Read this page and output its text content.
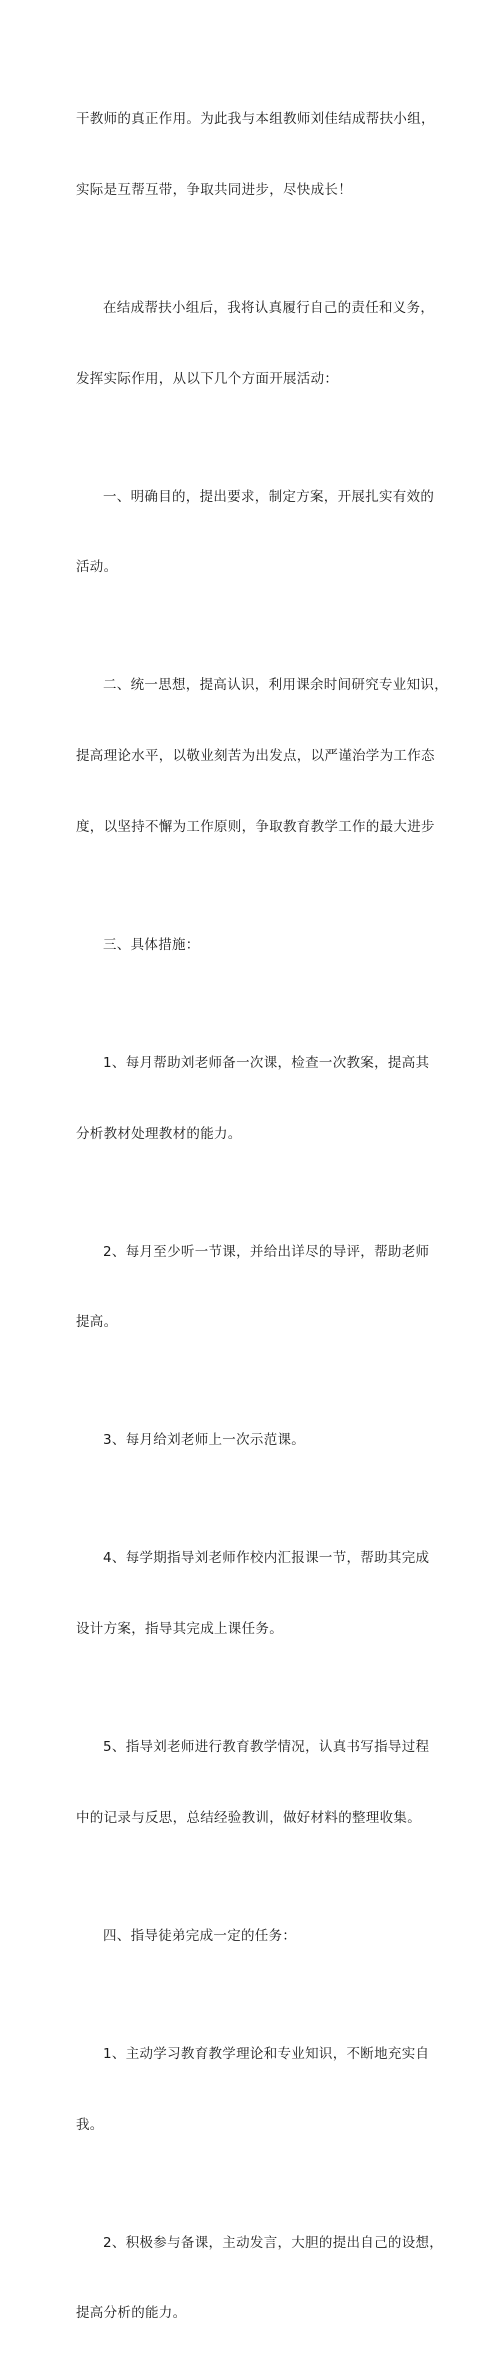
干教师的真正作用。为此我与本组教师刘佳结成帮扶小组，

实际是互帮互带，争取共同进步，尽快成长！

在结成帮扶小组后，我将认真履行自己的责任和义务，

发挥实际作用，从以下几个方面开展活动：

一、明确目的，提出要求，制定方案，开展扎实有效的

活动。

二、统一思想，提高认识，利用课余时间研究专业知识，

提高理论水平，以敬业刻苦为出发点，以严谨治学为工作态

度，以坚持不懈为工作原则，争取教育教学工作的最大进步

三、具体措施：

1、每月帮助刘老师备一次课，检查一次教案，提高其

分析教材处理教材的能力。

2、每月至少听一节课，并给出详尽的导评，帮助老师

提高。

3、每月给刘老师上一次示范课。

4、每学期指导刘老师作校内汇报课一节，帮助其完成

设计方案，指导其完成上课任务。

5、指导刘老师进行教育教学情况，认真书写指导过程

中的记录与反思，总结经验教训，做好材料的整理收集。

四、指导徒弟完成一定的任务：

1、主动学习教育教学理论和专业知识，不断地充实自

我。

2、积极参与备课，主动发言，大胆的提出自己的设想，

提高分析的能力。
